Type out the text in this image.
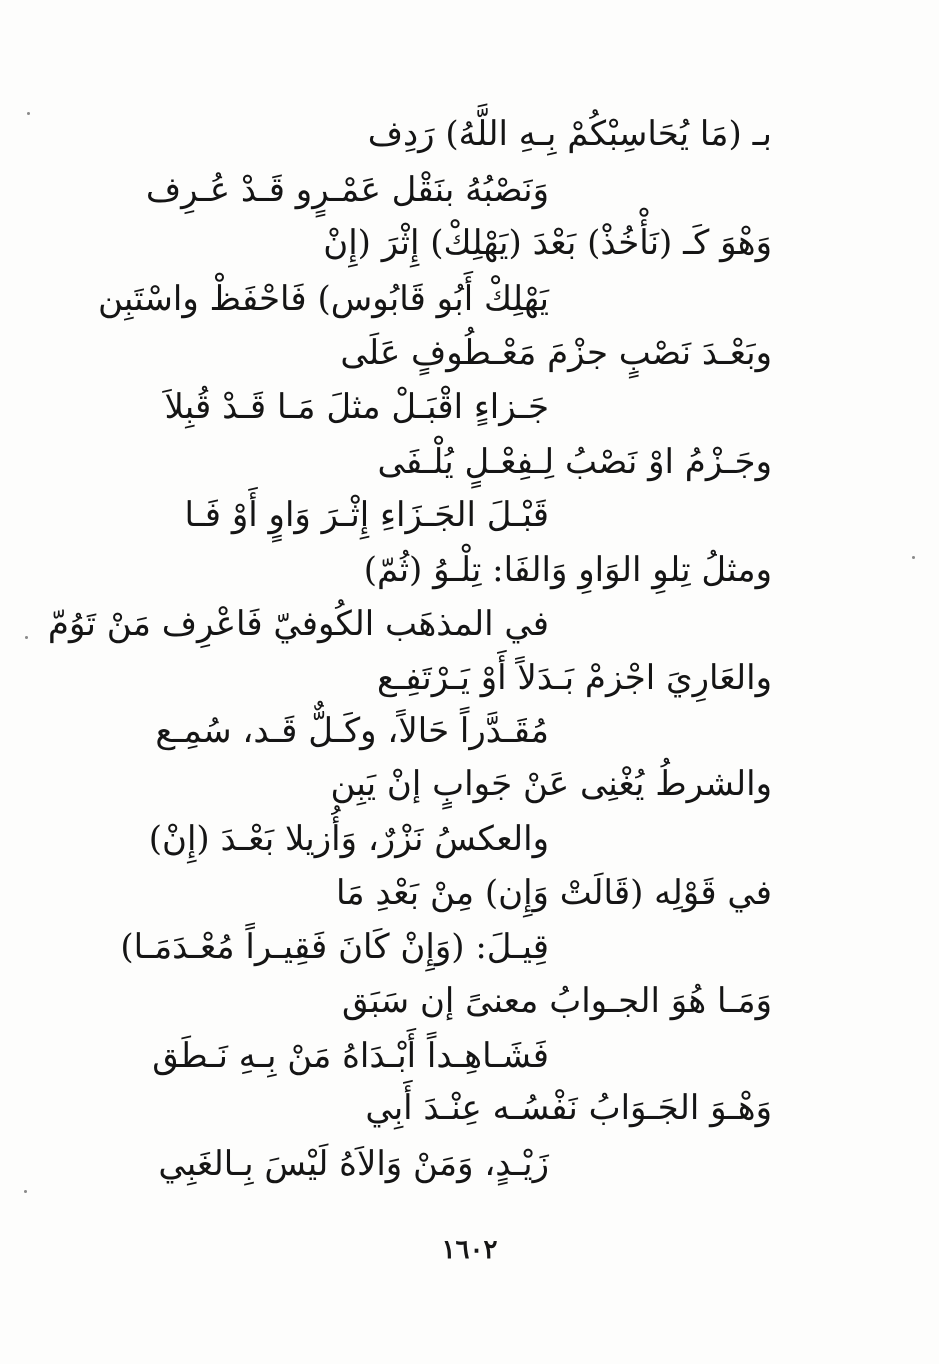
بـ (مَا يُحَاسِبْكُمْ بِـهِ اللَّهُ) رَدِف
وَنَصْبُهُ بنَقْل عَمْـرٍو قَـدْ عُـرِف
وَهْوَ كَـ (نَأْخُذْ) بَعْدَ (يَهْلِكْ) إِثْرَ (إِنْ
يَهْلِكْ أَبُو قَابُوس) فَاحْفَظْ واسْتَبِن
وبَعْـدَ نَصْبٍ جزْمَ مَعْـطُوفٍ عَلَى
جَـزاءٍ اقْبَـلْ مثلَ مَـا قَـدْ قُبِلاَ
وجَـزْمُ اوْ نَصْبُ لِـفِعْـلٍ يُلْـفَى
قَبْـلَ الجَـزَاءِ إِثْـرَ وَاوٍ أَوْ فَـا
ومثلُ تِلوِ الوَاوِ وَالفَا: تِلْـوُ (ثُمّ)
في المذهَب الكُوفيّ فَاعْرِف مَنْ تَوُمّ
والعَارِيَ اجْزمْ بَـدَلاً أَوْ يَـرْتَفِـع
مُقَـدَّراً حَالاً، وكَـلٌّ قَـد، سُمِـع
والشرطُ يُغْنِى عَنْ جَوابٍ إنْ يَبِن
والعكسُ نَزْرٌ، وَأُزيلا بَعْـدَ (إِنْ)
في قَوْلِه (قَالَتْ وَإِن) مِنْ بَعْدِ مَا
قِيـلَ: (وَإِنْ كَانَ فَقِيـراً مُعْـدَمَـا)
وَمَـا هُوَ الجـوابُ معنىً إن سَبَق
فَشَـاهِـداً أَبْـدَاهُ مَنْ بِـهِ نَـطَق
وَهْـوَ الجَـوَابُ نَفْسُـه عِنْـدَ أَبِي
زَيْـدٍ، وَمَنْ وَالاَهُ لَيْسَ بِـالغَبِي
١٦٠٢
